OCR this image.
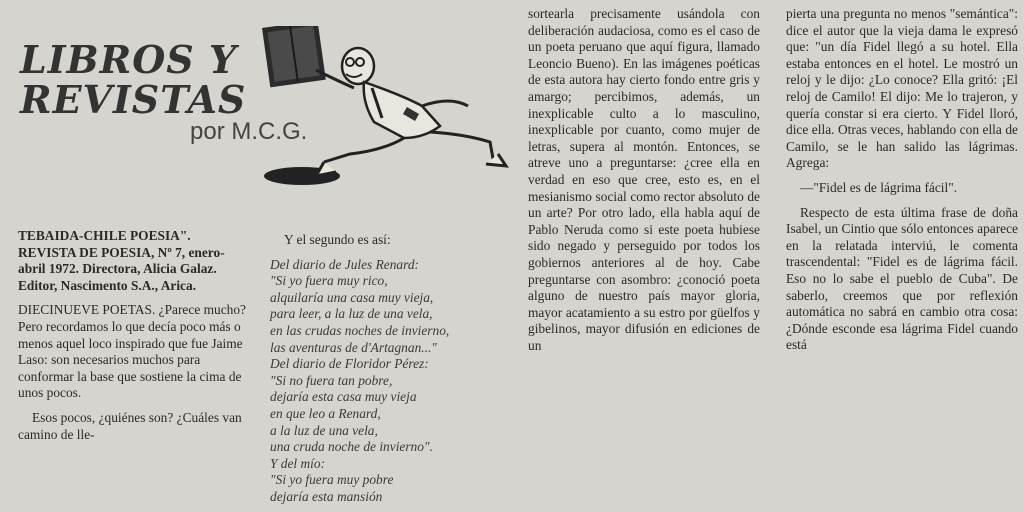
LIBROS Y
REVISTAS
por M.C.G.

TEBAIDA-CHILE POESIA". REVISTA DE POESIA, Nº 7, enero-abril 1972. Directora, Alicia Galaz. Editor, Nascimento S.A., Arica.

DIECINUEVE POETAS. ¿Parece mucho? Pero recordamos lo que decía poco más o menos aquel loco inspirado que fue Jaime Laso: son necesarios muchos para conformar la base que sostiene la cima de unos pocos.

Esos pocos, ¿quiénes son? ¿Cuáles van camino de lle-

Y el segundo es así:

Del diario de Jules Renard:

"Si yo fuera muy rico,

alquilaría una casa muy vieja,

para leer, a la luz de una vela,

en las crudas noches de invierno,

las aventuras de d'Artagnan..."

Del diario de Floridor Pérez:

"Si no fuera tan pobre,

dejaría esta casa muy vieja

en que leo a Renard,

a la luz de una vela,

una cruda noche de invierno".

Y del mío:

"Si yo fuera muy pobre

dejaría esta mansión

sortearla precisamente usándola con deliberación audaciosa, como es el caso de un poeta peruano que aquí figura, llamado Leoncio Bueno). En las imágenes poéticas de esta autora hay cierto fondo entre gris y amargo; percibimos, además, un inexplicable culto a lo masculino, inexplicable por cuanto, como mujer de letras, supera al montón. Entonces, se atreve uno a preguntarse: ¿cree ella en verdad en eso que cree, esto es, en el mesianismo social como rector absoluto de un arte? Por otro lado, ella habla aquí de Pablo Neruda como si este poeta hubiese sido negado y perseguido por todos los gobiernos anteriores al de hoy. Cabe preguntarse con asombro: ¿conoció poeta alguno de nuestro país mayor gloria, mayor acatamiento a su estro por güelfos y gibelinos, mayor difusión en ediciones de un

pierta una pregunta no menos "semántica": dice el autor que la vieja dama le expresó que: "un día Fidel llegó a su hotel. Ella estaba entonces en el hotel. Le mostró un reloj y le dijo: ¿Lo conoce? Ella gritó: ¡El reloj de Camilo! El dijo: Me lo trajeron, y quería constar si era cierto. Y Fidel lloró, dice ella. Otras veces, hablando con ella de Camilo, se le han salido las lágrimas. Agrega:

—"Fidel es de lágrima fácil".

Respecto de esta última frase de doña Isabel, un Cintio que sólo entonces aparece en la relatada interviú, le comenta trascendental: "Fidel es de lágrima fácil. Eso no lo sabe el pueblo de Cuba". De saberlo, creemos que por reflexión automática no sabrá en cambio otra cosa: ¿Dónde esconde esa lágrima Fidel cuando está
